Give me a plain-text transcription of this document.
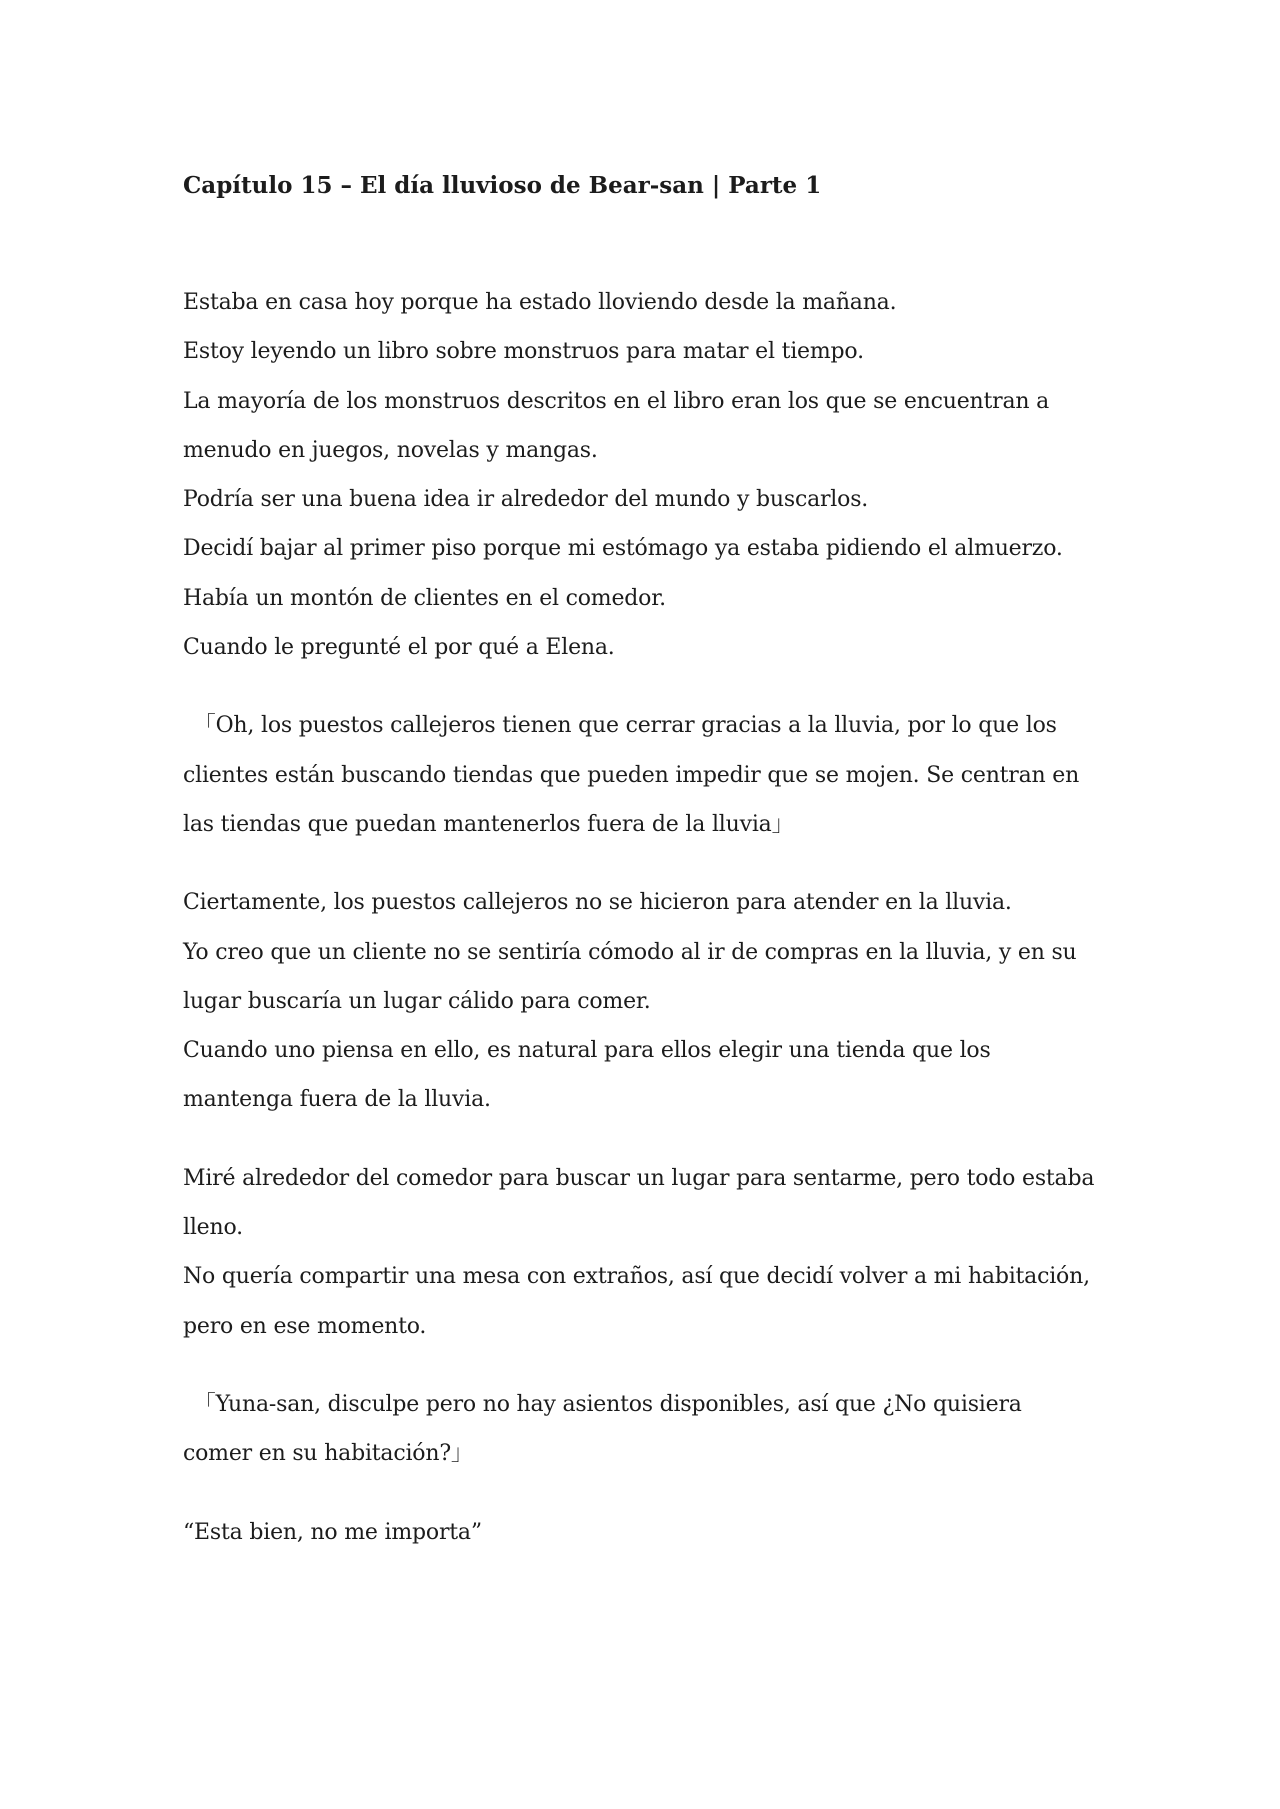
Capítulo 15 – El día lluvioso de Bear-san | Parte 1
Estaba en casa hoy porque ha estado lloviendo desde la mañana.
Estoy leyendo un libro sobre monstruos para matar el tiempo.
La mayoría de los monstruos descritos en el libro eran los que se encuentran a
menudo en juegos, novelas y mangas.
Podría ser una buena idea ir alrededor del mundo y buscarlos.
Decidí bajar al primer piso porque mi estómago ya estaba pidiendo el almuerzo.
Había un montón de clientes en el comedor.
Cuando le pregunté el por qué a Elena.
　「Oh, los puestos callejeros tienen que cerrar gracias a la lluvia, por lo que los
clientes están buscando tiendas que pueden impedir que se mojen. Se centran en
las tiendas que puedan mantenerlos fuera de la lluvia」
Ciertamente, los puestos callejeros no se hicieron para atender en la lluvia.
Yo creo que un cliente no se sentiría cómodo al ir de compras en la lluvia, y en su
lugar buscaría un lugar cálido para comer.
Cuando uno piensa en ello, es natural para ellos elegir una tienda que los
mantenga fuera de la lluvia.
Miré alrededor del comedor para buscar un lugar para sentarme, pero todo estaba
lleno.
No quería compartir una mesa con extraños, así que decidí volver a mi habitación,
pero en ese momento.
　「Yuna-san, disculpe pero no hay asientos disponibles, así que ¿No quisiera
comer en su habitación?」
“Esta bien, no me importa”
